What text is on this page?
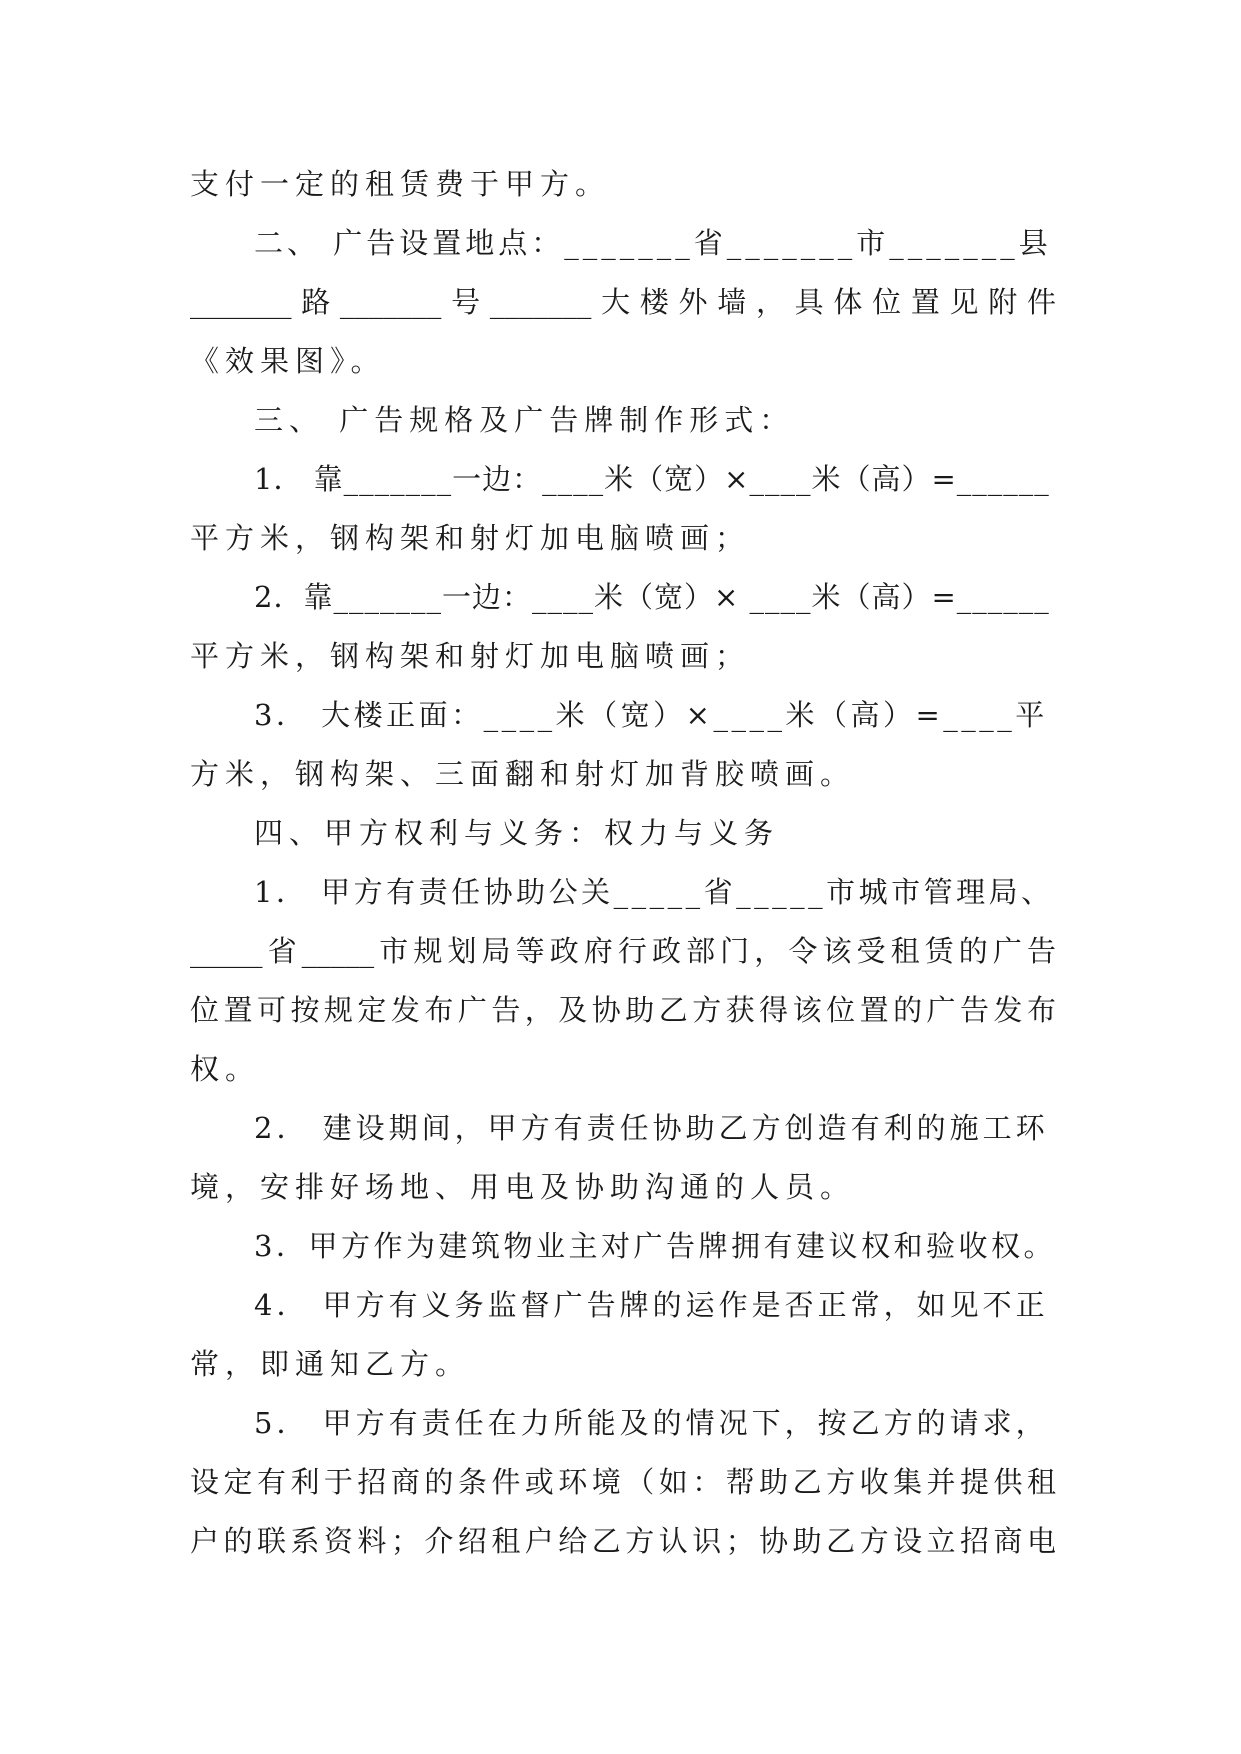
支付一定的租赁费于甲方。
二、 广告设置地点：_______省_______市_______县
_______路_______号_______大楼外墙，具体位置见附件
《效果图》。
三、 广告规格及广告牌制作形式：
1． 靠_______一边：____米（宽）×____米（高）=______
平方米，钢构架和射灯加电脑喷画；
2．靠_______一边：____米（宽）× ____米（高）=______
平方米，钢构架和射灯加电脑喷画；
3． 大楼正面：____米（宽）×____米（高）=____平
方米，钢构架、三面翻和射灯加背胶喷画。
四、甲方权利与义务：权力与义务
1． 甲方有责任协助公关_____省_____市城市管理局、
_____省_____市规划局等政府行政部门，令该受租赁的广告
位置可按规定发布广告，及协助乙方获得该位置的广告发布
权。
2． 建设期间，甲方有责任协助乙方创造有利的施工环
境，安排好场地、用电及协助沟通的人员。
3．甲方作为建筑物业主对广告牌拥有建议权和验收权。
4． 甲方有义务监督广告牌的运作是否正常，如见不正
常，即通知乙方。
5． 甲方有责任在力所能及的情况下，按乙方的请求，
设定有利于招商的条件或环境（如：帮助乙方收集并提供租
户的联系资料；介绍租户给乙方认识；协助乙方设立招商电
